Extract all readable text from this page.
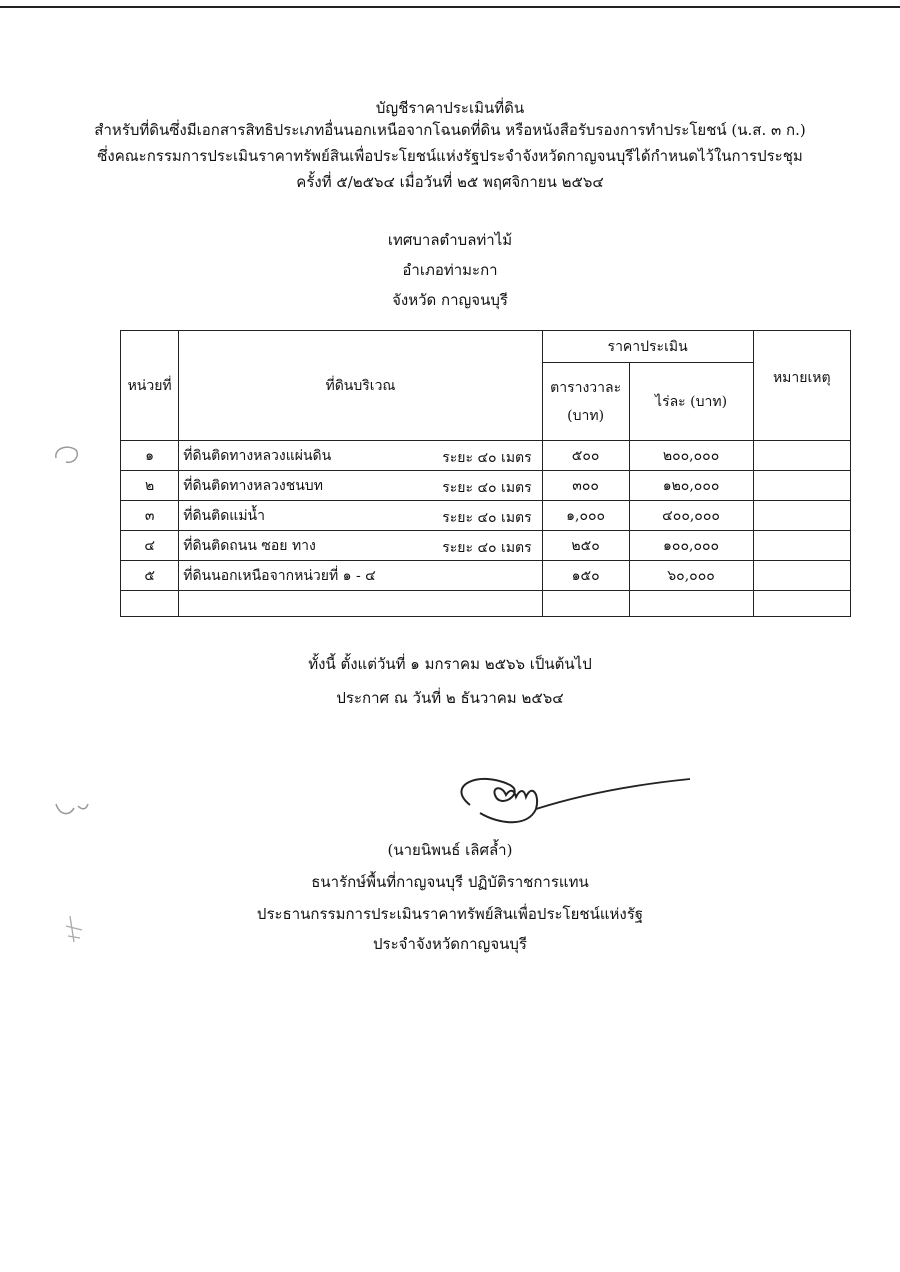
บัญชีราคาประเมินที่ดิน
สำหรับที่ดินซึ่งมีเอกสารสิทธิประเภทอื่นนอกเหนือจากโฉนดที่ดิน หรือหนังสือรับรองการทำประโยชน์ (น.ส. ๓ ก.)
ซึ่งคณะกรรมการประเมินราคาทรัพย์สินเพื่อประโยชน์แห่งรัฐประจำจังหวัดกาญจนบุรีได้กำหนดไว้ในการประชุม
ครั้งที่ ๕/๒๕๖๔ เมื่อวันที่ ๒๕ พฤศจิกายน ๒๕๖๔
เทศบาลตำบลท่าไม้
อำเภอท่ามะกา
จังหวัด กาญจนบุรี
หน่วยที่	ที่ดินบริเวณ	ราคาประเมิน		หมายเหตุ
		ตารางวาละ (บาท)	ไร่ละ (บาท)	
๑	ที่ดินติดทางหลวงแผ่นดิน ระยะ ๔๐ เมตร	๕๐๐	๒๐๐,๐๐๐	
๒	ที่ดินติดทางหลวงชนบท ระยะ ๔๐ เมตร	๓๐๐	๑๒๐,๐๐๐	
๓	ที่ดินติดแม่น้ำ ระยะ ๔๐ เมตร	๑,๐๐๐	๔๐๐,๐๐๐	
๔	ที่ดินติดถนน ซอย ทาง ระยะ ๔๐ เมตร	๒๕๐	๑๐๐,๐๐๐	
๕	ที่ดินนอกเหนือจากหน่วยที่ ๑ - ๔	๑๕๐	๖๐,๐๐๐	

ทั้งนี้ ตั้งแต่วันที่ ๑ มกราคม ๒๕๖๖ เป็นต้นไป
ประกาศ ณ วันที่ ๒ ธันวาคม ๒๕๖๔
(นายนิพนธ์ เลิศล้ำ)
ธนารักษ์พื้นที่กาญจนบุรี ปฏิบัติราชการแทน
ประธานกรรมการประเมินราคาทรัพย์สินเพื่อประโยชน์แห่งรัฐ
ประจำจังหวัดกาญจนบุรี
